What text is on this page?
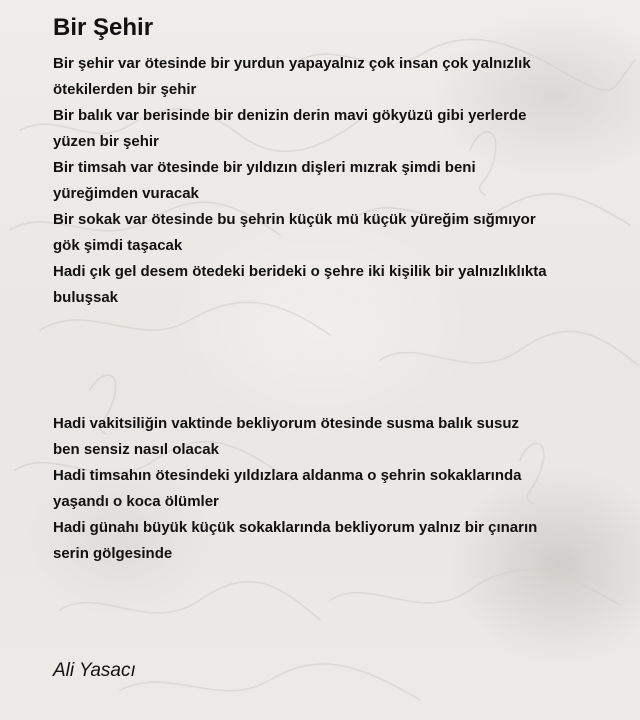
Bir Şehir
Bir şehir var ötesinde bir yurdun yapayalnız çok insan çok yalnızlık
ötekilerden bir şehir
Bir balık var berisinde bir denizin derin mavi gökyüzü gibi yerlerde
yüzen bir şehir
Bir timsah var ötesinde bir yıldızın dişleri mızrak şimdi beni
yüreğimden vuracak
Bir sokak var ötesinde bu şehrin küçük mü küçük yüreğim sığmıyor
gök şimdi taşacak
Hadi çık gel desem ötedeki berideki o şehre iki kişilik bir yalnızlıklıkta
buluşsak
Hadi vakitsiliğin vaktinde bekliyorum ötesinde susma balık susuz
ben sensiz nasıl olacak
Hadi timsahın ötesindeki yıldızlara aldanma o şehrin sokaklarında
yaşandı o koca ölümler
Hadi günahı büyük küçük sokaklarında bekliyorum yalnız bir çınarın
serin gölgesinde
Ali Yasacı
